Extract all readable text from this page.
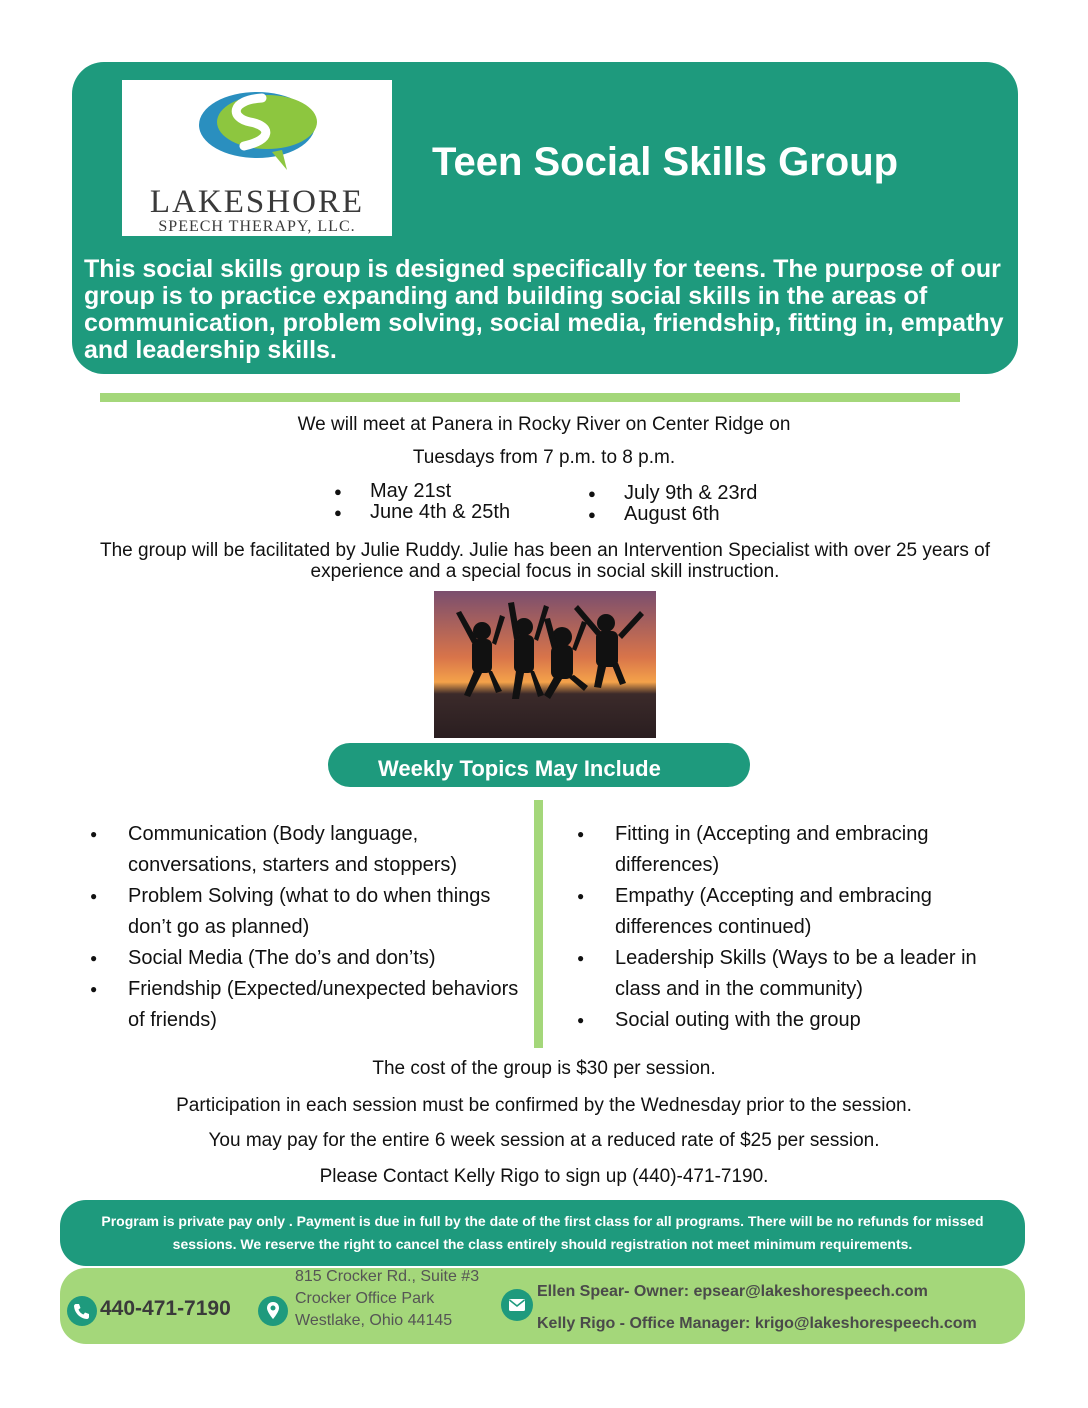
LAKESHORE
SPEECH THERAPY, LLC.
Teen Social Skills Group
This social skills group is designed specifically for teens. The purpose of our group is to practice expanding and building social skills in the areas of communication, problem solving, social media, friendship, fitting in, empathy and leadership skills.
We will meet at Panera in Rocky River on Center Ridge on
Tuesdays from 7 p.m. to 8 p.m.
● May 21st
● June 4th & 25th
● July 9th & 23rd
● August 6th
The group will be facilitated by Julie Ruddy. Julie has been an Intervention Specialist with over 25 years of experience and a special focus in social skill instruction.
Weekly Topics May Include
● Communication (Body language, conversations, starters and stoppers)
● Problem Solving (what to do when things don’t go as planned)
● Social Media (The do’s and don’ts)
● Friendship (Expected/unexpected behaviors of friends)
● Fitting in (Accepting and embracing differences)
● Empathy (Accepting and embracing differences continued)
● Leadership Skills (Ways to be a leader in class and in the community)
● Social outing with the group
The cost of the group is $30 per session.
Participation in each session must be confirmed by the Wednesday prior to the session.
You may pay for the entire 6 week session at a reduced rate of $25 per session.
Please Contact Kelly Rigo to sign up (440)-471-7190.
Program is private pay only . Payment is due in full by the date of the first class for all programs. There will be no refunds for missed sessions. We reserve the right to cancel the class entirely should registration not meet minimum requirements.
440-471-7190
815 Crocker Rd., Suite #3
Crocker Office Park
Westlake, Ohio 44145
Ellen Spear- Owner: epsear@lakeshorespeech.com
Kelly Rigo - Office Manager: krigo@lakeshorespeech.com
